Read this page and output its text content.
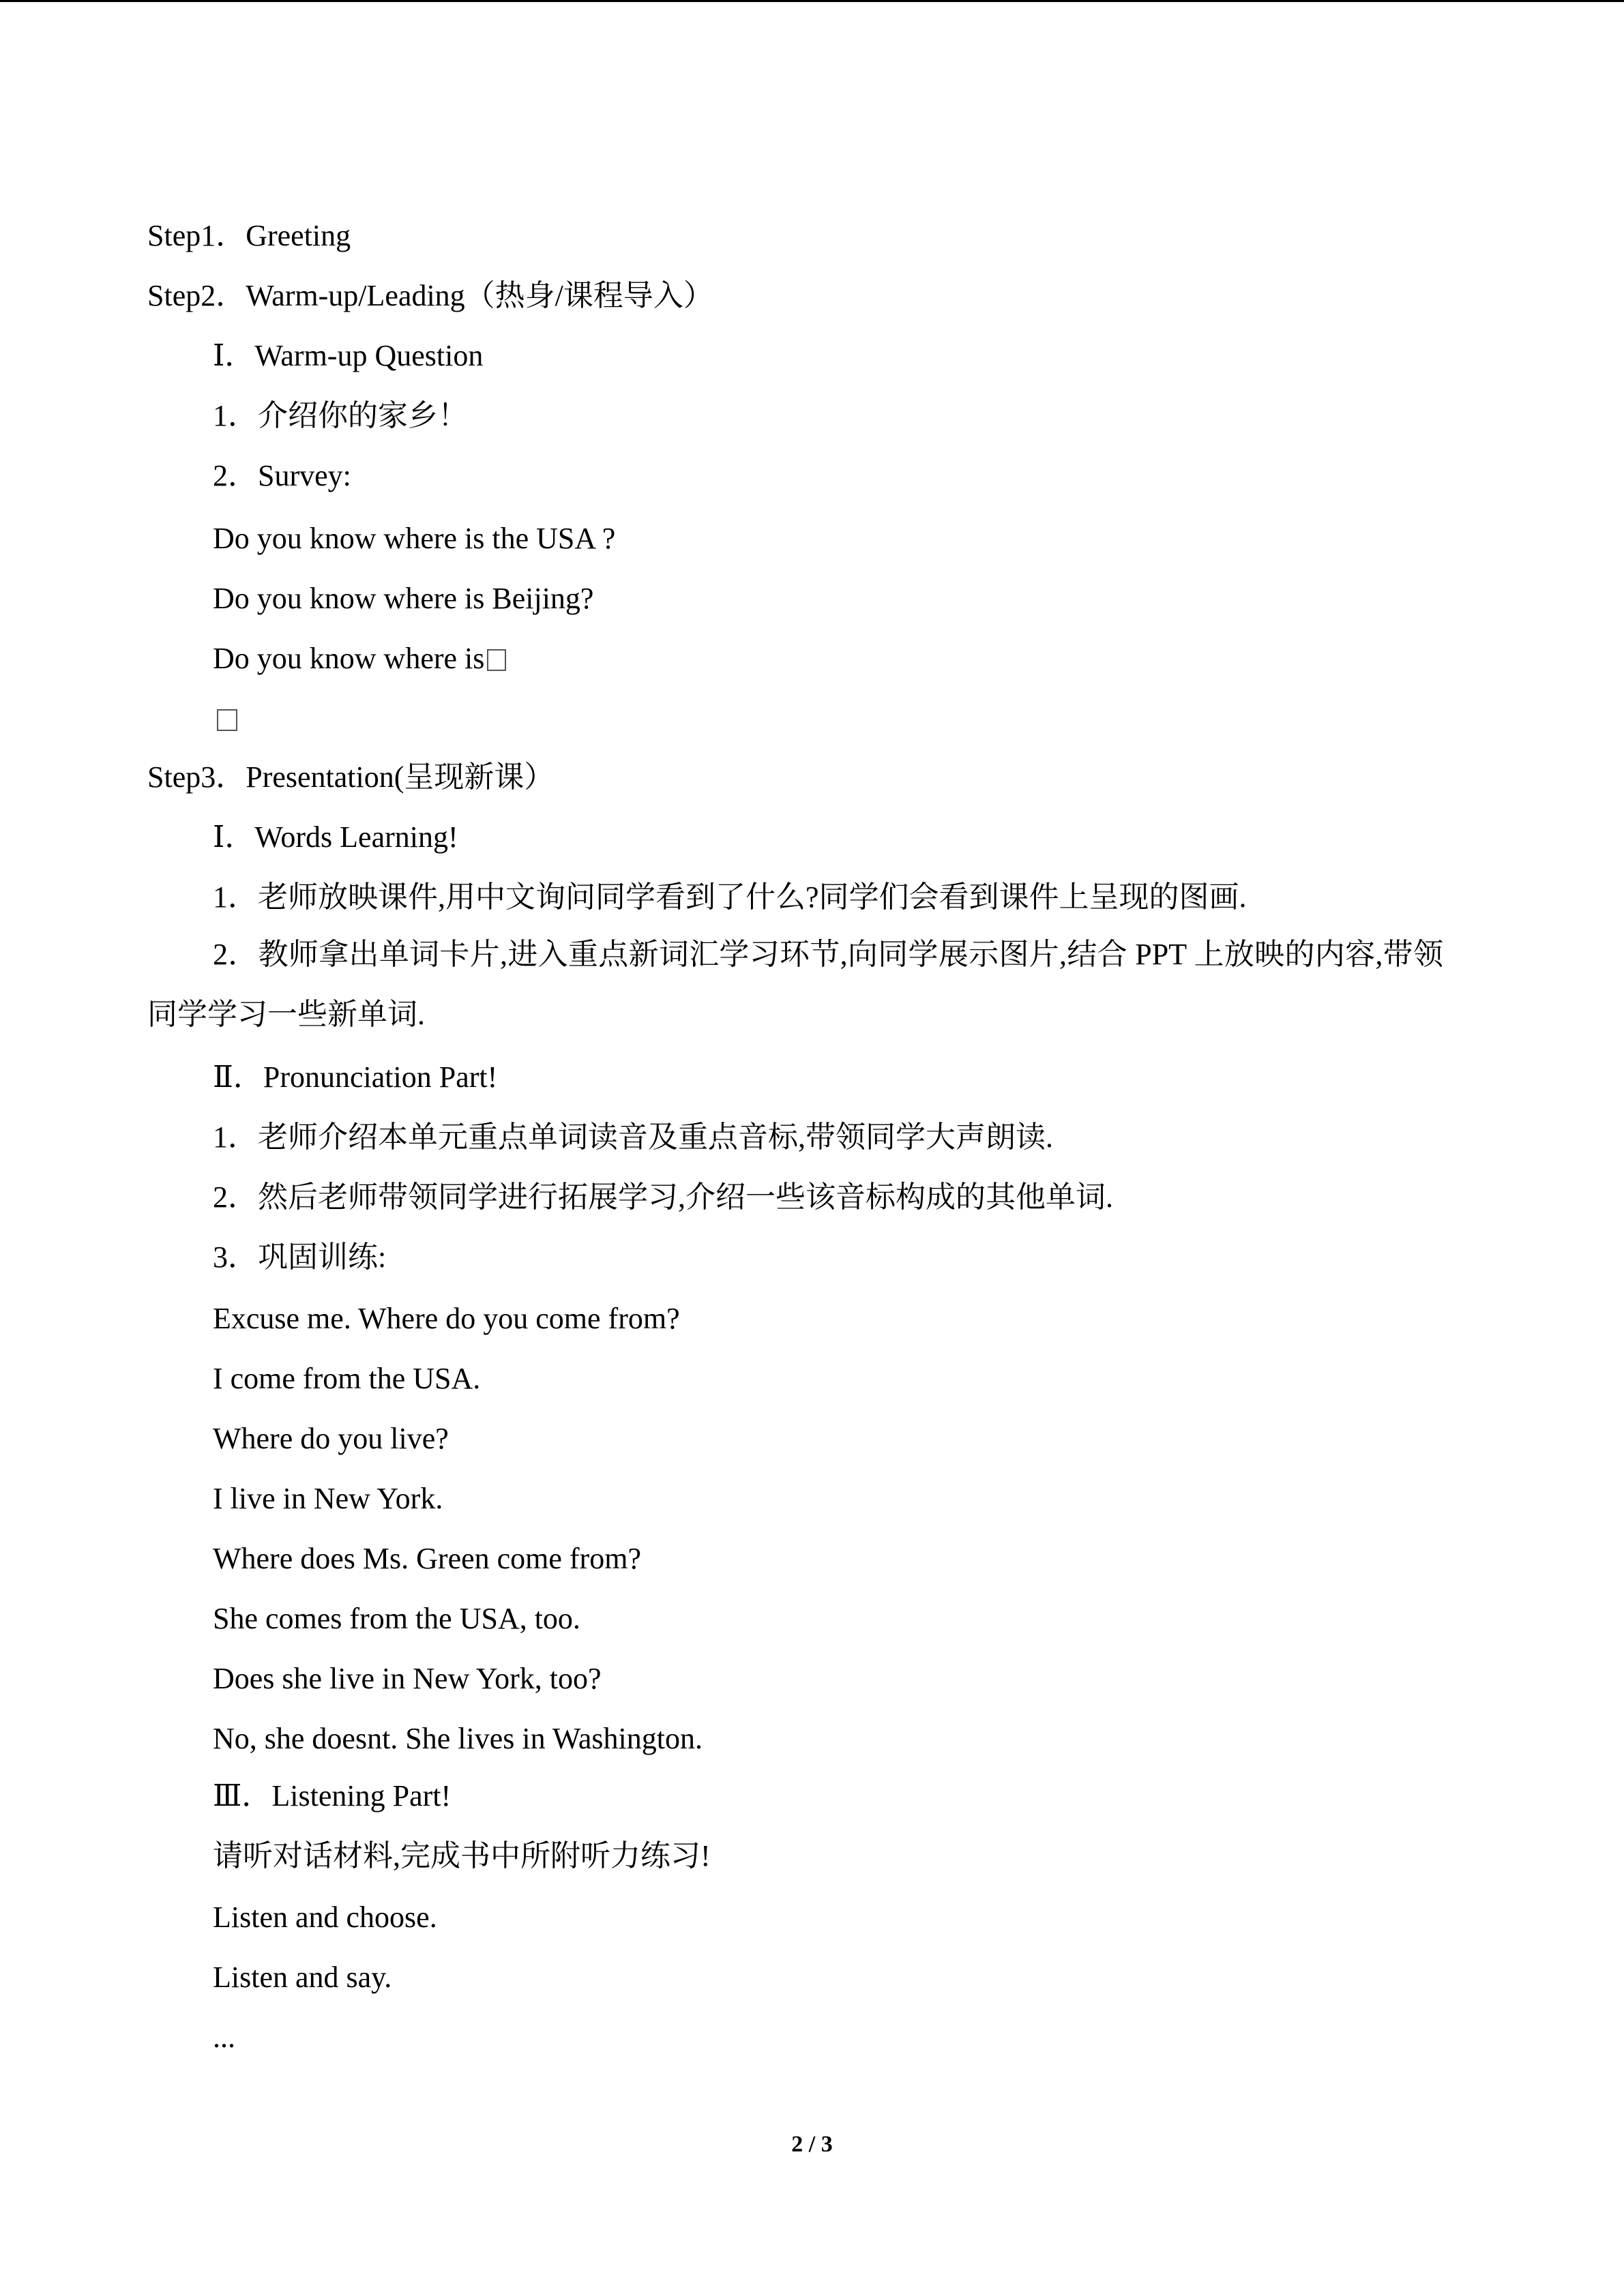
Step1．Greeting
Step2．Warm-up/Leading（热身/课程导入）
Ⅰ．Warm-up Question
1．介绍你的家乡！
2．Survey:
Do you know where is the USA ?
Do you know where is Beijing?
Do you know where is
Step3．Presentation(呈现新课）
Ⅰ．Words Learning!
1．老师放映课件,用中文询问同学看到了什么?同学们会看到课件上呈现的图画.
2．教师拿出单词卡片,进入重点新词汇学习环节,向同学展示图片,结合 PPT 上放映的内容,带领同学学习一些新单词.
Ⅱ．Pronunciation Part!
1．老师介绍本单元重点单词读音及重点音标,带领同学大声朗读.
2．然后老师带领同学进行拓展学习,介绍一些该音标构成的其他单词.
3．巩固训练:
Excuse me. Where do you come from?
I come from the USA.
Where do you live?
I live in New York.
Where does Ms. Green come from?
She comes from the USA, too.
Does she live in New York, too?
No, she doesnt. She lives in Washington.
Ⅲ．Listening Part!
请听对话材料,完成书中所附听力练习!
Listen and choose.
Listen and say.
...
2 / 3
